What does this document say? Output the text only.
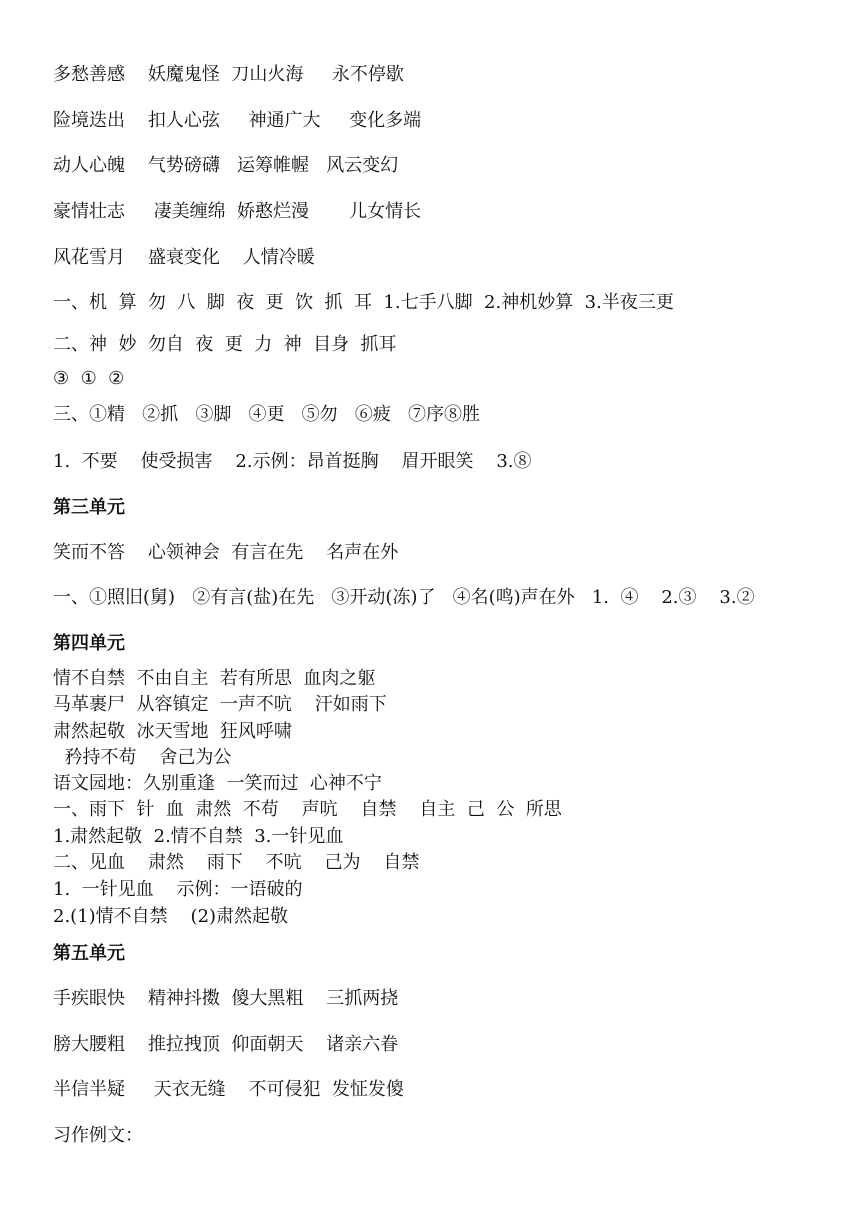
多愁善感    妖魔鬼怪  刀山火海     永不停歇
险境迭出    扣人心弦     神通广大     变化多端
动人心魄    气势磅礴   运筹帷幄   风云变幻
豪情壮志     凄美缠绵  娇憨烂漫       儿女情长
风花雪月    盛衰变化    人情冷暖
一、机  算  勿  八  脚  夜  更  饮  抓  耳  1.七手八脚  2.神机妙算  3.半夜三更
二、神  妙  勿自  夜  更  力  神  目身  抓耳
③  ①  ②
三、①精   ②抓   ③脚   ④更   ⑤勿   ⑥疲   ⑦序⑧胜
1.  不要    使受损害    2.示例：昂首挺胸    眉开眼笑    3.⑧
第三单元
笑而不答    心领神会  有言在先    名声在外
一、①照旧(舅)   ②有言(盐)在先   ③开动(冻)了   ④名(鸣)声在外   1.  ④    2.③    3.②
第四单元
情不自禁  不由自主  若有所思  血肉之躯
马革裹尸  从容镇定  一声不吭    汗如雨下
肃然起敬  冰天雪地  狂风呼啸
矜持不苟    舍己为公
语文园地：久别重逢  一笑而过  心神不宁
一、雨下  针  血  肃然  不苟    声吭    自禁    自主  己  公  所思
1.肃然起敬  2.情不自禁  3.一针见血
二、见血    肃然    雨下    不吭    己为    自禁
1.  一针见血    示例：一语破的
2.(1)情不自禁    (2)肃然起敬
第五单元
手疾眼快    精神抖擞  傻大黑粗    三抓两挠
膀大腰粗    推拉拽顶  仰面朝天    诸亲六眷
半信半疑     天衣无缝    不可侵犯  发怔发傻
习作例文：
